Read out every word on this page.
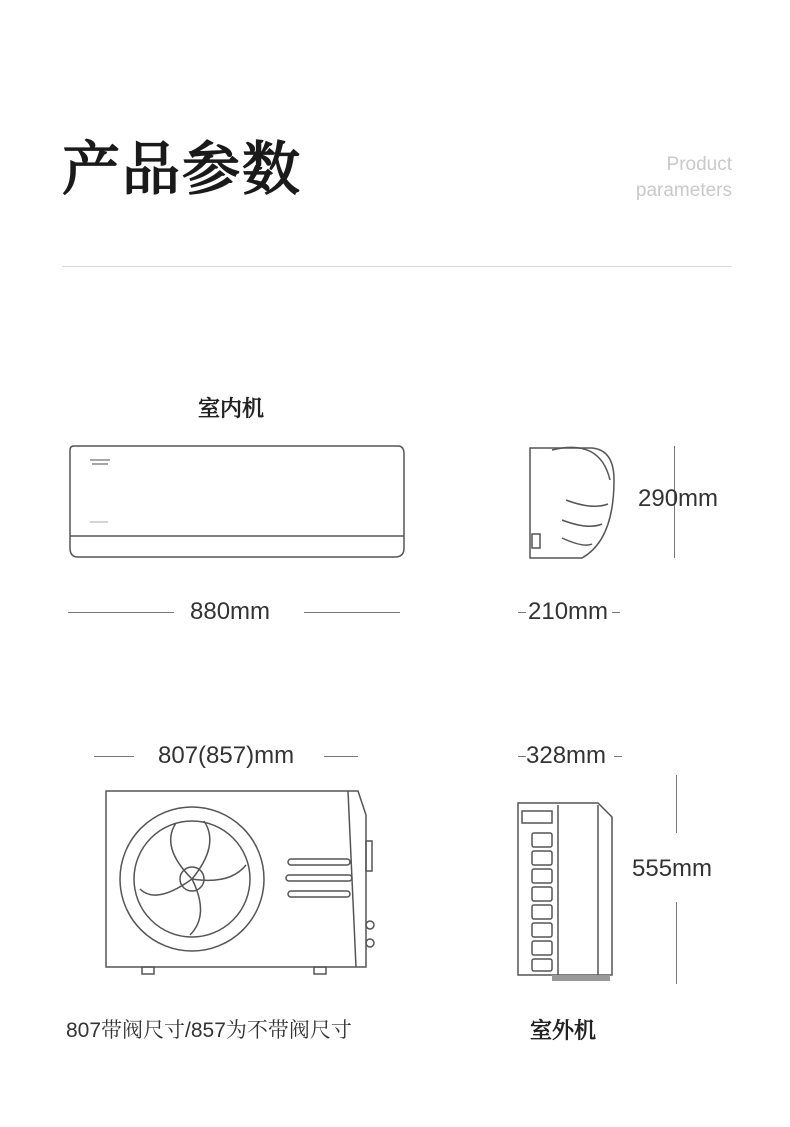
产品参数	Product
parameters
室内机
880mm
290mm
210mm
807(857)mm
807带阀尺寸/857为不带阀尺寸
328mm
555mm
室外机
